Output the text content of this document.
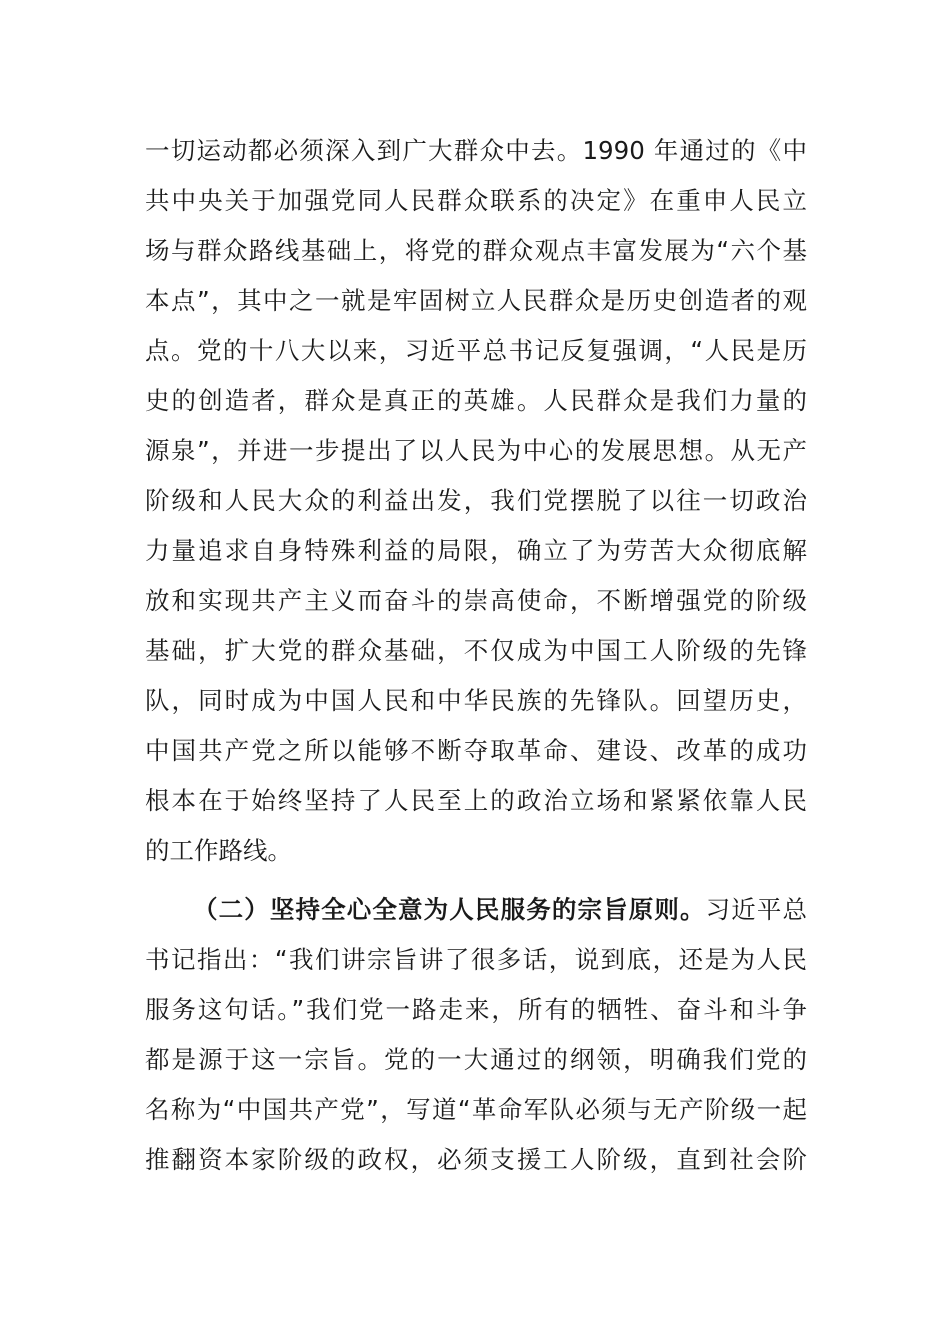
一切运动都必须深入到广大群众中去。1990 年通过的《中
共中央关于加强党同人民群众联系的决定》在重申人民立
场与群众路线基础上，将党的群众观点丰富发展为“六个基
本点”，其中之一就是牢固树立人民群众是历史创造者的观
点。党的十八大以来，习近平总书记反复强调，“人民是历
史的创造者，群众是真正的英雄。人民群众是我们力量的
源泉”，并进一步提出了以人民为中心的发展思想。从无产
阶级和人民大众的利益出发，我们党摆脱了以往一切政治
力量追求自身特殊利益的局限，确立了为劳苦大众彻底解
放和实现共产主义而奋斗的崇高使命，不断增强党的阶级
基础，扩大党的群众基础，不仅成为中国工人阶级的先锋
队，同时成为中国人民和中华民族的先锋队。回望历史，
中国共产党之所以能够不断夺取革命、建设、改革的成功
根本在于始终坚持了人民至上的政治立场和紧紧依靠人民
的工作路线。
（二）坚持全心全意为人民服务的宗旨原则。习近平总
书记指出：“我们讲宗旨讲了很多话，说到底，还是为人民
服务这句话。”我们党一路走来，所有的牺牲、奋斗和斗争
都是源于这一宗旨。党的一大通过的纲领，明确我们党的
名称为“中国共产党”，写道“革命军队必须与无产阶级一起
推翻资本家阶级的政权，必须支援工人阶级，直到社会阶
